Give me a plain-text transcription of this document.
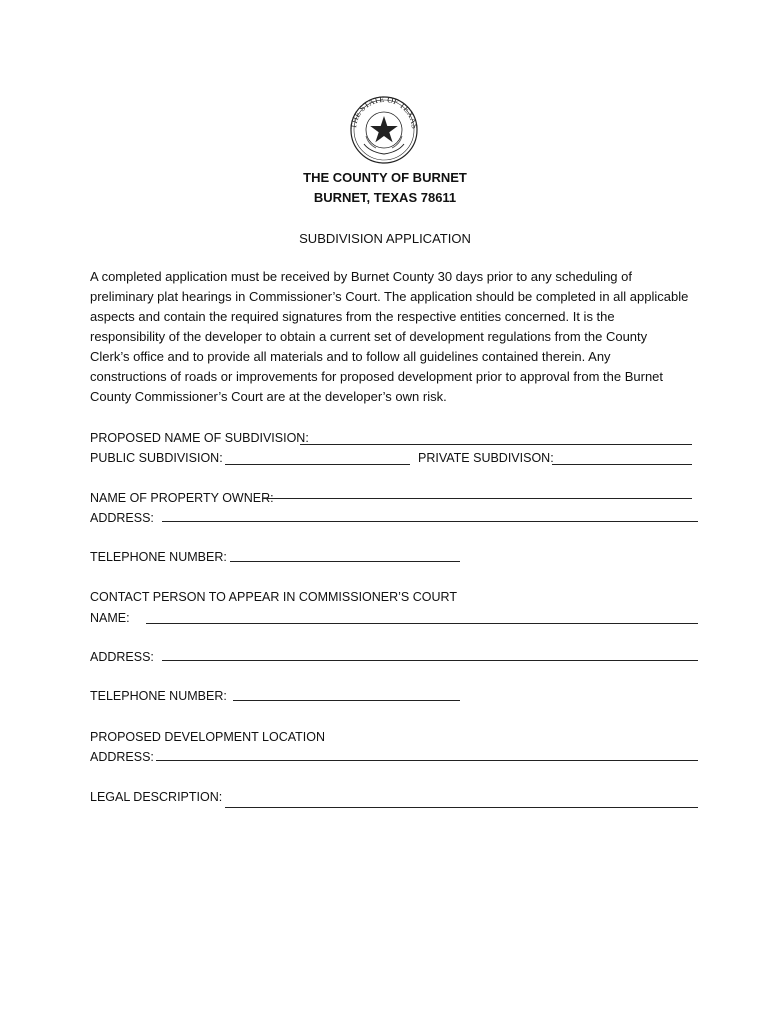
THE STATE OF TEXAS
THE COUNTY OF BURNET
BURNET, TEXAS 78611
SUBDIVISION APPLICATION
A completed application must be received by Burnet County 30 days prior to any scheduling of preliminary plat hearings in Commissioner’s Court. The application should be completed in all applicable aspects and contain the required signatures from the respective entities concerned. It is the responsibility of the developer to obtain a current set of development regulations from the County Clerk’s office and to provide all materials and to follow all guidelines contained therein. Any constructions of roads or improvements for proposed development prior to approval from the Burnet County Commissioner’s Court are at the developer’s own risk.
PROPOSED NAME OF SUBDIVISION:
PUBLIC SUBDIVISION:	PRIVATE SUBDIVISON:
NAME OF PROPERTY OWNER:
ADDRESS:
TELEPHONE NUMBER:
CONTACT PERSON TO APPEAR IN COMMISSIONER’S COURT
NAME:
ADDRESS:
TELEPHONE NUMBER:
PROPOSED DEVELOPMENT LOCATION
ADDRESS:
LEGAL DESCRIPTION:
